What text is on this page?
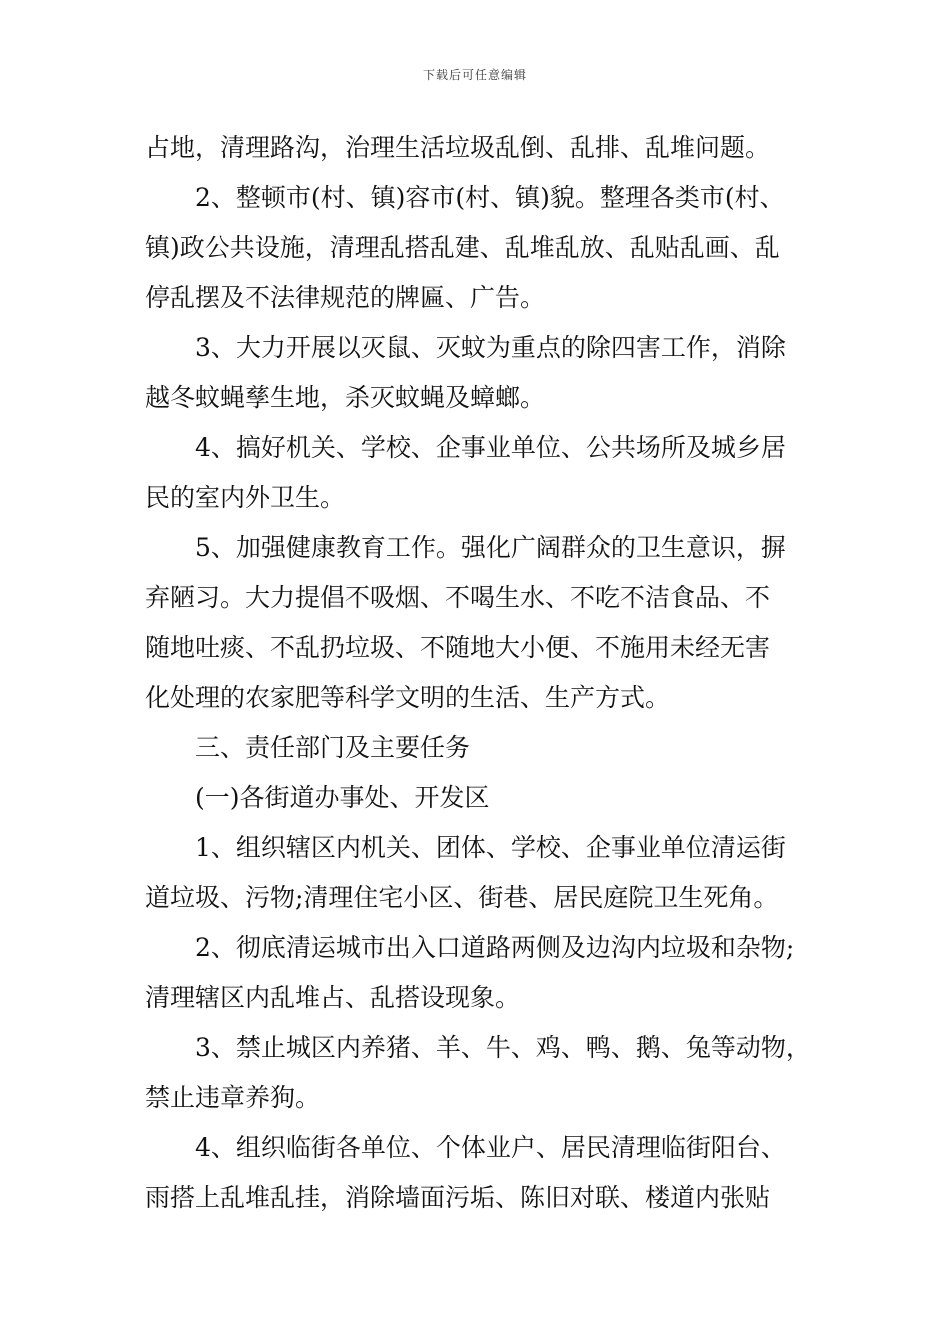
下载后可任意编辑
占地，清理路沟，治理生活垃圾乱倒、乱排、乱堆问题。
2、整顿市(村、镇)容市(村、镇)貌。整理各类市(村、
镇)政公共设施，清理乱搭乱建、乱堆乱放、乱贴乱画、乱
停乱摆及不法律规范的牌匾、广告。
3、大力开展以灭鼠、灭蚊为重点的除四害工作，消除
越冬蚊蝇孳生地，杀灭蚊蝇及蟑螂。
4、搞好机关、学校、企事业单位、公共场所及城乡居
民的室内外卫生。
5、加强健康教育工作。强化广阔群众的卫生意识，摒
弃陋习。大力提倡不吸烟、不喝生水、不吃不洁食品、不
随地吐痰、不乱扔垃圾、不随地大小便、不施用未经无害
化处理的农家肥等科学文明的生活、生产方式。
三、责任部门及主要任务
(一)各街道办事处、开发区
1、组织辖区内机关、团体、学校、企事业单位清运街
道垃圾、污物;清理住宅小区、街巷、居民庭院卫生死角。
2、彻底清运城市出入口道路两侧及边沟内垃圾和杂物;
清理辖区内乱堆占、乱搭设现象。
3、禁止城区内养猪、羊、牛、鸡、鸭、鹅、兔等动物，
禁止违章养狗。
4、组织临街各单位、个体业户、居民清理临街阳台、
雨搭上乱堆乱挂，消除墙面污垢、陈旧对联、楼道内张贴
